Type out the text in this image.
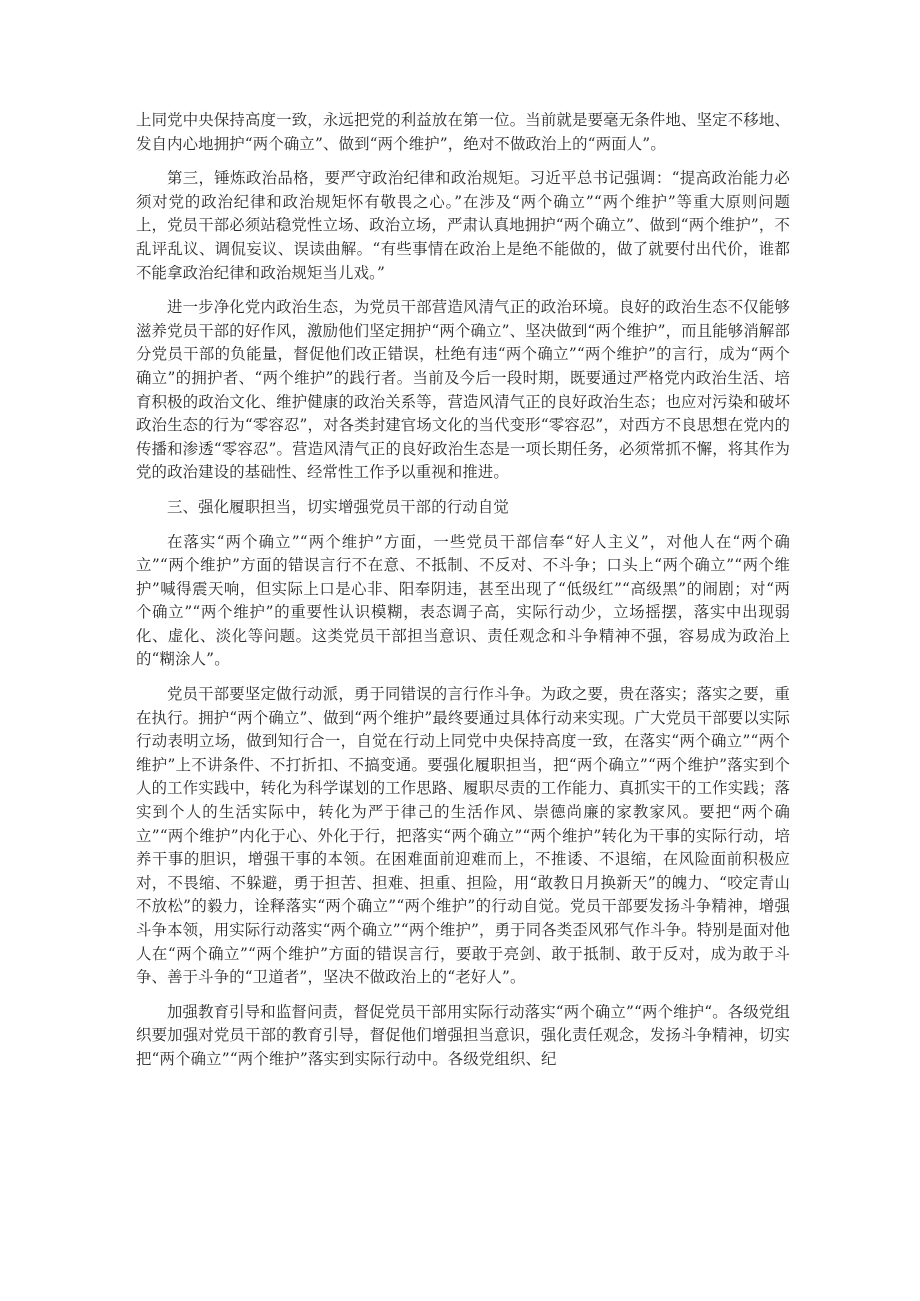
上同党中央保持高度一致，永远把党的利益放在第一位。当前就是要毫无条件地、坚定不移地、发自内心地拥护“两个确立”、做到“两个维护”，绝对不做政治上的“两面人”。

第三，锤炼政治品格，要严守政治纪律和政治规矩。习近平总书记强调：“提高政治能力必须对党的政治纪律和政治规矩怀有敬畏之心。”在涉及“两个确立”“两个维护”等重大原则问题上，党员干部必须站稳党性立场、政治立场，严肃认真地拥护“两个确立”、做到“两个维护”，不乱评乱议、调侃妄议、误读曲解。“有些事情在政治上是绝不能做的，做了就要付出代价，谁都不能拿政治纪律和政治规矩当儿戏。”

进一步净化党内政治生态，为党员干部营造风清气正的政治环境。良好的政治生态不仅能够滋养党员干部的好作风，激励他们坚定拥护“两个确立”、坚决做到“两个维护”，而且能够消解部分党员干部的负能量，督促他们改正错误，杜绝有违“两个确立”“两个维护”的言行，成为“两个确立”的拥护者、“两个维护”的践行者。当前及今后一段时期，既要通过严格党内政治生活、培育积极的政治文化、维护健康的政治关系等，营造风清气正的良好政治生态；也应对污染和破坏政治生态的行为“零容忍”，对各类封建官场文化的当代变形“零容忍”，对西方不良思想在党内的传播和渗透“零容忍”。营造风清气正的良好政治生态是一项长期任务，必须常抓不懈，将其作为党的政治建设的基础性、经常性工作予以重视和推进。

三、强化履职担当，切实增强党员干部的行动自觉

在落实“两个确立”“两个维护”方面，一些党员干部信奉“好人主义”，对他人在“两个确立”“两个维护”方面的错误言行不在意、不抵制、不反对、不斗争；口头上“两个确立”“两个维护”喊得震天响，但实际上口是心非、阳奉阴违，甚至出现了“低级红”“高级黑”的闹剧；对“两个确立”“两个维护”的重要性认识模糊，表态调子高，实际行动少，立场摇摆，落实中出现弱化、虚化、淡化等问题。这类党员干部担当意识、责任观念和斗争精神不强，容易成为政治上的“糊涂人”。

党员干部要坚定做行动派，勇于同错误的言行作斗争。为政之要，贵在落实；落实之要，重在执行。拥护“两个确立”、做到“两个维护”最终要通过具体行动来实现。广大党员干部要以实际行动表明立场，做到知行合一，自觉在行动上同党中央保持高度一致，在落实“两个确立”“两个维护”上不讲条件、不打折扣、不搞变通。要强化履职担当，把“两个确立”“两个维护”落实到个人的工作实践中，转化为科学谋划的工作思路、履职尽责的工作能力、真抓实干的工作实践；落实到个人的生活实际中，转化为严于律己的生活作风、崇德尚廉的家教家风。要把“两个确立”“两个维护”内化于心、外化于行，把落实“两个确立”“两个维护”转化为干事的实际行动，培养干事的胆识，增强干事的本领。在困难面前迎难而上，不推诿、不退缩，在风险面前积极应对，不畏缩、不躲避，勇于担苦、担难、担重、担险，用“敢教日月换新天”的魄力、“咬定青山不放松”的毅力，诠释落实“两个确立”“两个维护”的行动自觉。党员干部要发扬斗争精神，增强斗争本领，用实际行动落实“两个确立”“两个维护”，勇于同各类歪风邪气作斗争。特别是面对他人在“两个确立”“两个维护”方面的错误言行，要敢于亮剑、敢于抵制、敢于反对，成为敢于斗争、善于斗争的“卫道者”，坚决不做政治上的“老好人”。

加强教育引导和监督问责，督促党员干部用实际行动落实“两个确立”“两个维护“。各级党组织要加强对党员干部的教育引导，督促他们增强担当意识，强化责任观念，发扬斗争精神，切实把“两个确立”“两个维护”落实到实际行动中。各级党组织、纪
